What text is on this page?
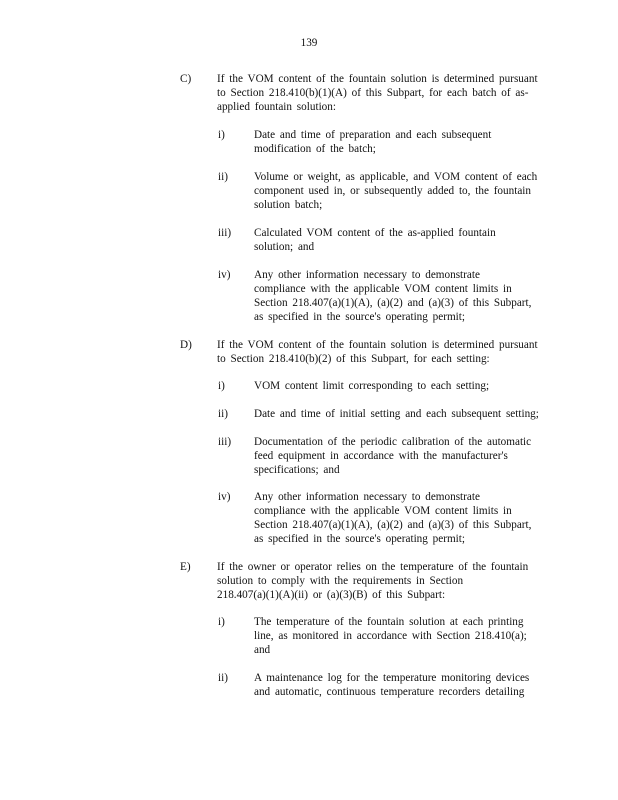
139
C)	If the VOM content of the fountain solution is determined pursuant
to Section 218.410(b)(1)(A) of this Subpart, for each batch of as-
applied fountain solution:
i)	Date and time of preparation and each subsequent
modification of the batch;
ii)	Volume or weight, as applicable, and VOM content of each
component used in, or subsequently added to, the fountain
solution batch;
iii)	Calculated VOM content of the as-applied fountain
solution; and
iv)	Any other information necessary to demonstrate
compliance with the applicable VOM content limits in
Section 218.407(a)(1)(A), (a)(2) and (a)(3) of this Subpart,
as specified in the source's operating permit;
D)	If the VOM content of the fountain solution is determined pursuant
to Section 218.410(b)(2) of this Subpart, for each setting:
i)	VOM content limit corresponding to each setting;
ii)	Date and time of initial setting and each subsequent setting;
iii)	Documentation of the periodic calibration of the automatic
feed equipment in accordance with the manufacturer's
specifications; and
iv)	Any other information necessary to demonstrate
compliance with the applicable VOM content limits in
Section 218.407(a)(1)(A), (a)(2) and (a)(3) of this Subpart,
as specified in the source's operating permit;
E)	If the owner or operator relies on the temperature of the fountain
solution to comply with the requirements in Section
218.407(a)(1)(A)(ii) or (a)(3)(B) of this Subpart:
i)	The temperature of the fountain solution at each printing
line, as monitored in accordance with Section 218.410(a);
and
ii)	A maintenance log for the temperature monitoring devices
and automatic, continuous temperature recorders detailing
